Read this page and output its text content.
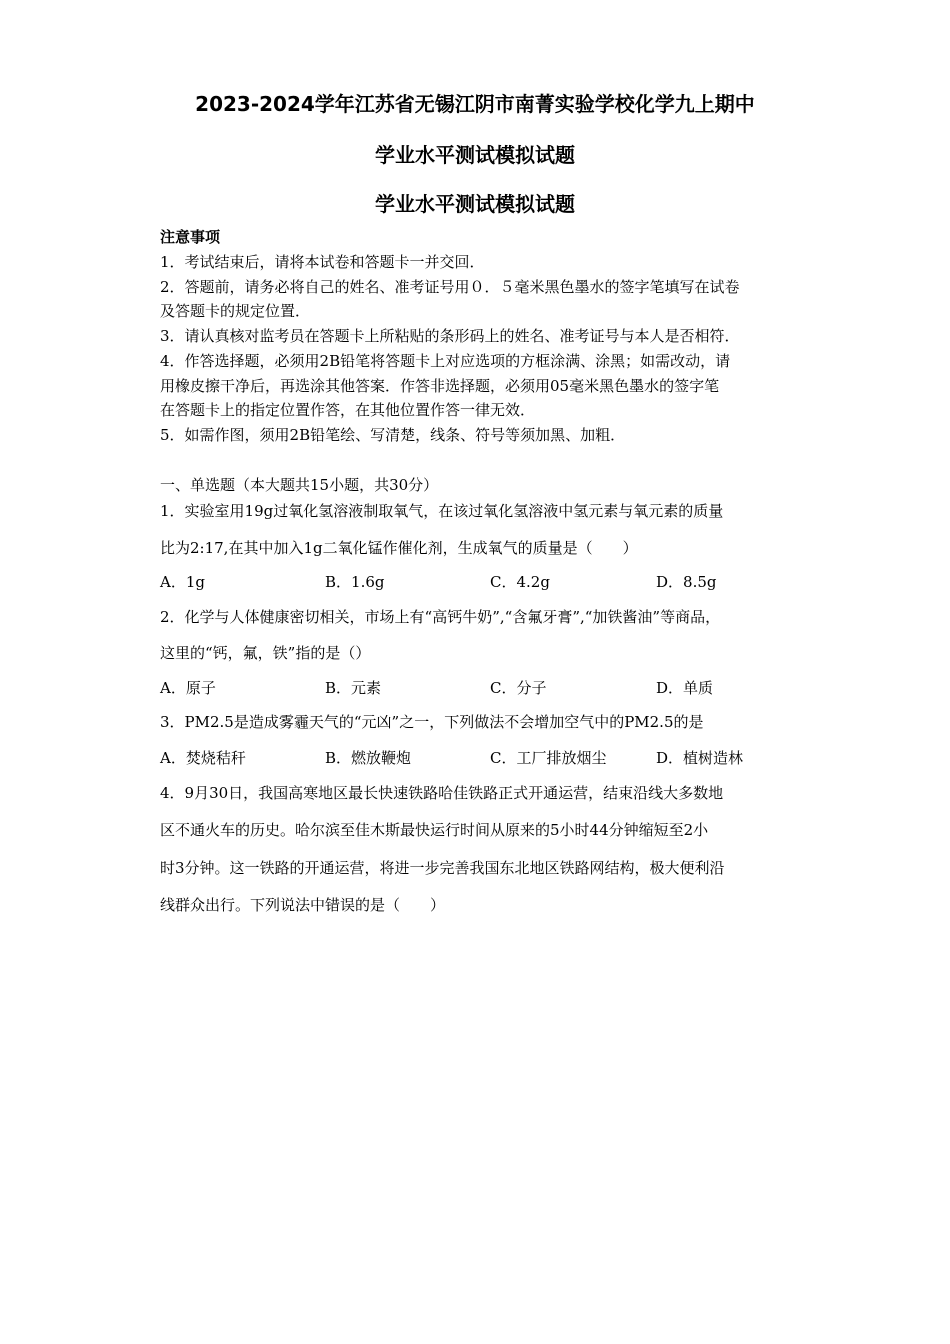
2023-2024学年江苏省无锡江阴市南菁实验学校化学九上期中
学业水平测试模拟试题
学业水平测试模拟试题
注意事项
1．考试结束后，请将本试卷和答题卡一并交回．
2．答题前，请务必将自己的姓名、准考证号用０．５毫米黑色墨水的签字笔填写在试卷
及答题卡的规定位置．
3．请认真核对监考员在答题卡上所粘贴的条形码上的姓名、准考证号与本人是否相符．
4．作答选择题，必须用2B铅笔将答题卡上对应选项的方框涂满、涂黑；如需改动，请
用橡皮擦干净后，再选涂其他答案．作答非选择题，必须用05毫米黑色墨水的签字笔
在答题卡上的指定位置作答，在其他位置作答一律无效．
5．如需作图，须用2B铅笔绘、写清楚，线条、符号等须加黑、加粗．
一、单选题（本大题共15小题，共30分）
1．实验室用19g过氧化氢溶液制取氧气，在该过氧化氢溶液中氢元素与氧元素的质量
比为2:17,在其中加入1g二氧化锰作催化剂，生成氧气的质量是（　　）
A．1g	B．1.6g	C．4.2g	D．8.5g
2．化学与人体健康密切相关，市场上有“高钙牛奶”,“含氟牙膏”,“加铁酱油”等商品，
这里的“钙，氟，铁”指的是（）
A．原子	B．元素	C．分子	D．单质
3．PM2.5是造成雾霾天气的“元凶”之一，下列做法不会增加空气中的PM2.5的是
A．焚烧秸秆	B．燃放鞭炮	C．工厂排放烟尘	D．植树造林
4．9月30日，我国高寒地区最长快速铁路哈佳铁路正式开通运营，结束沿线大多数地
区不通火车的历史。哈尔滨至佳木斯最快运行时间从原来的5小时44分钟缩短至2小
时3分钟。这一铁路的开通运营，将进一步完善我国东北地区铁路网结构，极大便利沿
线群众出行。下列说法中错误的是（　　）
